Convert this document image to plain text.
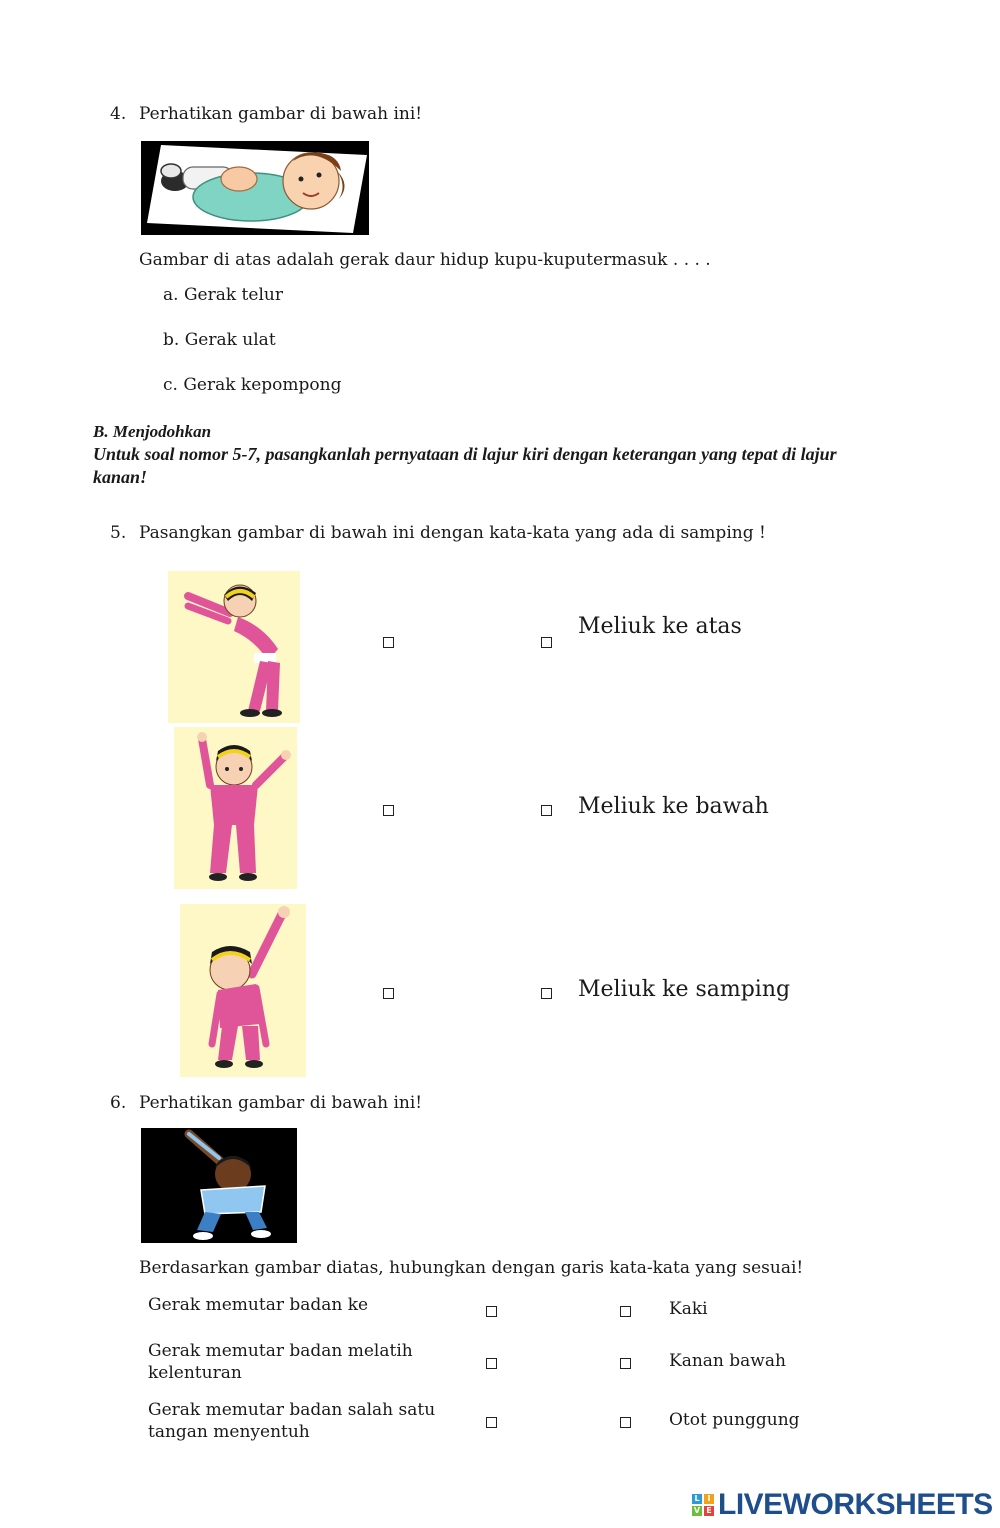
4. Perhatikan gambar di bawah ini!
Gambar di atas adalah gerak daur hidup kupu-kuputermasuk . . . .
a. Gerak telur
b. Gerak ulat
c. Gerak kepompong
B. Menjodohkan
Untuk soal nomor 5-7, pasangkanlah pernyataan di lajur kiri dengan keterangan yang tepat di lajur kanan!
5. Pasangkan gambar di bawah ini dengan kata-kata yang ada di samping !
Meliuk ke atas
Meliuk ke bawah
Meliuk ke samping
6. Perhatikan gambar di bawah ini!
Berdasarkan gambar diatas, hubungkan dengan garis kata-kata yang sesuai!
Gerak memutar badan ke	Kaki
Gerak memutar badan melatih kelenturan
Kanan bawah
Gerak memutar badan salah satu tangan menyentuh
Otot punggung
L I
V E LIVEWORKSHEETS
